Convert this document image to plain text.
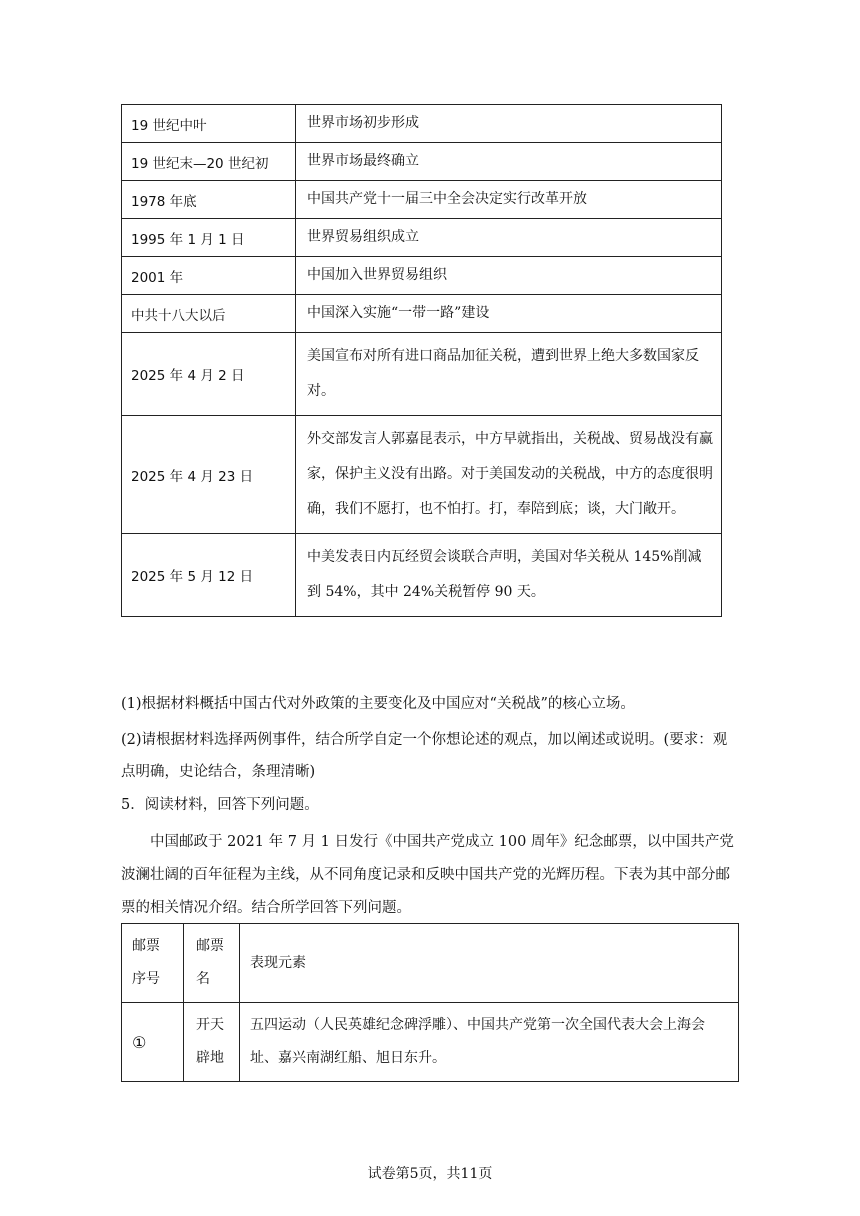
19 世纪中叶	世界市场初步形成
19 世纪末—20 世纪初	世界市场最终确立
1978 年底	中国共产党十一届三中全会决定实行改革开放
1995 年 1 月 1 日	世界贸易组织成立
2001 年	中国加入世界贸易组织
中共十八大以后	中国深入实施“一带一路”建设
2025 年 4 月 2 日	美国宣布对所有进口商品加征关税，遭到世界上绝大多数国家反对。
2025 年 4 月 23 日	外交部发言人郭嘉昆表示，中方早就指出，关税战、贸易战没有赢家，保护主义没有出路。对于美国发动的关税战，中方的态度很明确，我们不愿打，也不怕打。打，奉陪到底；谈，大门敞开。
2025 年 5 月 12 日	中美发表日内瓦经贸会谈联合声明，美国对华关税从 145%削减到 54%，其中 24%关税暂停 90 天。

(1)根据材料概括中国古代对外政策的主要变化及中国应对“关税战”的核心立场。

(2)请根据材料选择两例事件，结合所学自定一个你想论述的观点，加以阐述或说明。(要求：观点明确，史论结合，条理清晰)

5．阅读材料，回答下列问题。

中国邮政于 2021 年 7 月 1 日发行《中国共产党成立 100 周年》纪念邮票，以中国共产党波澜壮阔的百年征程为主线，从不同角度记录和反映中国共产党的光辉历程。下表为其中部分邮票的相关情况介绍。结合所学回答下列问题。

邮票序号	邮票名	表现元素
①	开天辟地	五四运动（人民英雄纪念碑浮雕）、中国共产党第一次全国代表大会上海会址、嘉兴南湖红船、旭日东升。
试卷第5页，共11页
